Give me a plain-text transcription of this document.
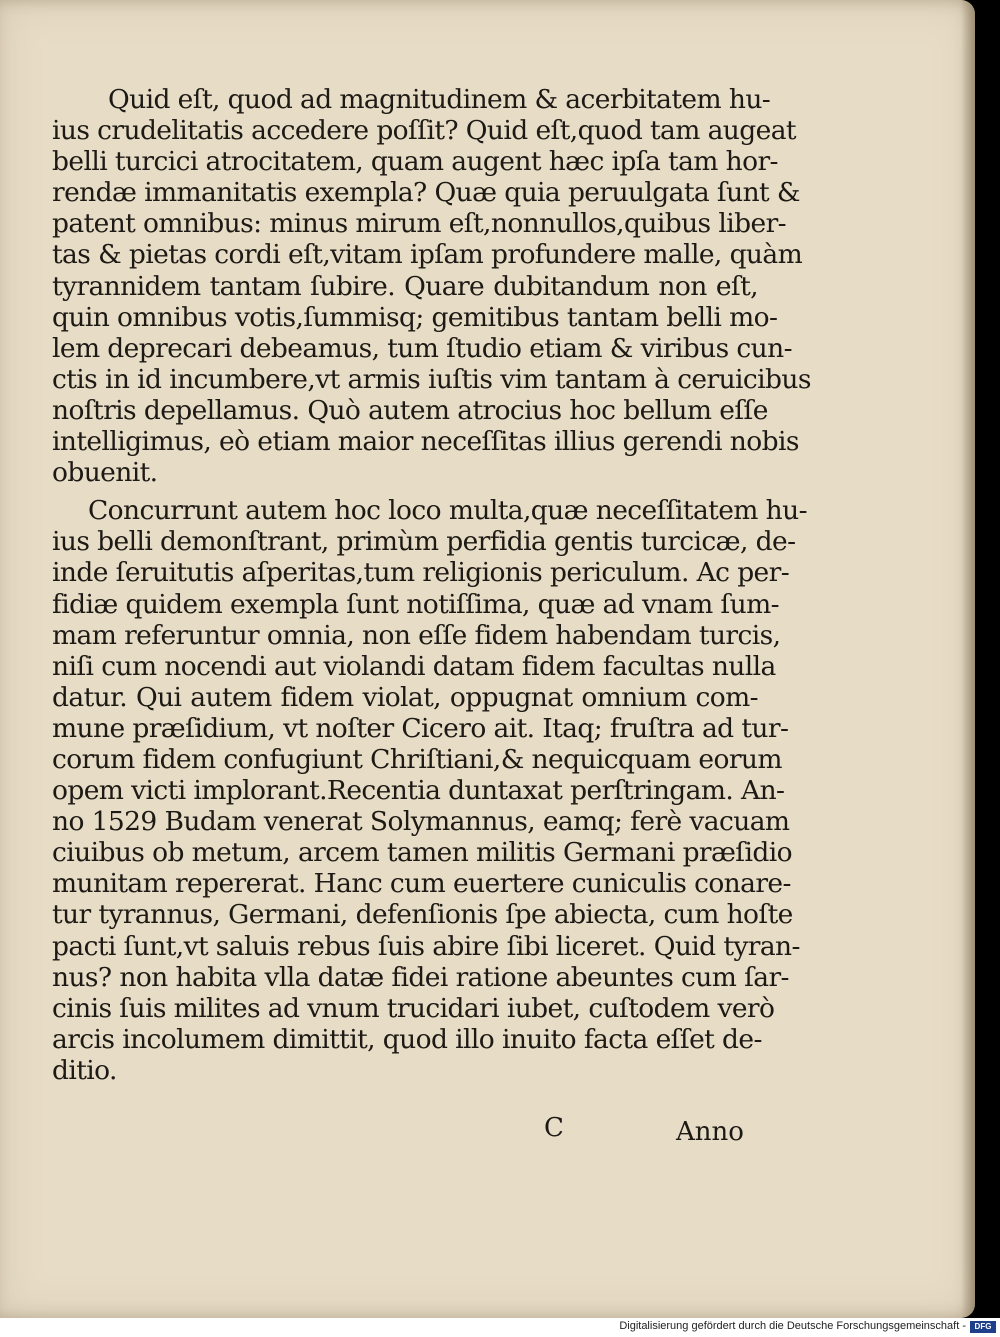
Quid eſt, quod ad magnitudinem & acerbitatem hu-
ius crudelitatis accedere poſſit? Quid eſt,quod tam augeat
belli turcici atrocitatem, quam augent hæc ipſa tam hor-
rendæ immanitatis exempla? Quæ quia peruulgata ſunt &
patent omnibus: minus mirum eſt,nonnullos,quibus liber-
tas & pietas cordi eſt,vitam ipſam profundere malle, quàm
tyrannidem tantam ſubire. Quare dubitandum non eſt,
quin omnibus votis,ſummisq; gemitibus tantam belli mo-
lem deprecari debeamus, tum ſtudio etiam & viribus cun-
ctis in id incumbere,vt armis iuſtis vim tantam à ceruicibus
noſtris depellamus. Quò autem atrocius hoc bellum eſſe
intelligimus, eò etiam maior neceſſitas illius gerendi nobis
obuenit.
Concurrunt autem hoc loco multa,quæ neceſſitatem hu-
ius belli demonſtrant, primùm perfidia gentis turcicæ, de-
inde ſeruitutis aſperitas,tum religionis periculum. Ac per-
fidiæ quidem exempla ſunt notiſſima, quæ ad vnam ſum-
mam referuntur omnia, non eſſe fidem habendam turcis,
niſi cum nocendi aut violandi datam fidem facultas nulla
datur. Qui autem fidem violat, oppugnat omnium com-
mune præſidium, vt noſter Cicero ait. Itaq; fruſtra ad tur-
corum fidem confugiunt Chriſtiani,& nequicquam eorum
opem victi implorant.Recentia duntaxat perſtringam. An-
no 1529 Budam venerat Solymannus, eamq; ferè vacuam
ciuibus ob metum, arcem tamen militis Germani præſidio
munitam repererat. Hanc cum euertere cuniculis conare-
tur tyrannus, Germani, defenſionis ſpe abiecta, cum hoſte
pacti ſunt,vt saluis rebus ſuis abire ſibi liceret. Quid tyran-
nus? non habita vlla datæ fidei ratione abeuntes cum ſar-
cinis ſuis milites ad vnum trucidari iubet, cuſtodem verò
arcis incolumem dimittit, quod illo inuito facta eſſet de-
ditio.
C	Anno
Digitalisierung gefördert durch die Deutsche Forschungsgemeinschaft -	DFG
